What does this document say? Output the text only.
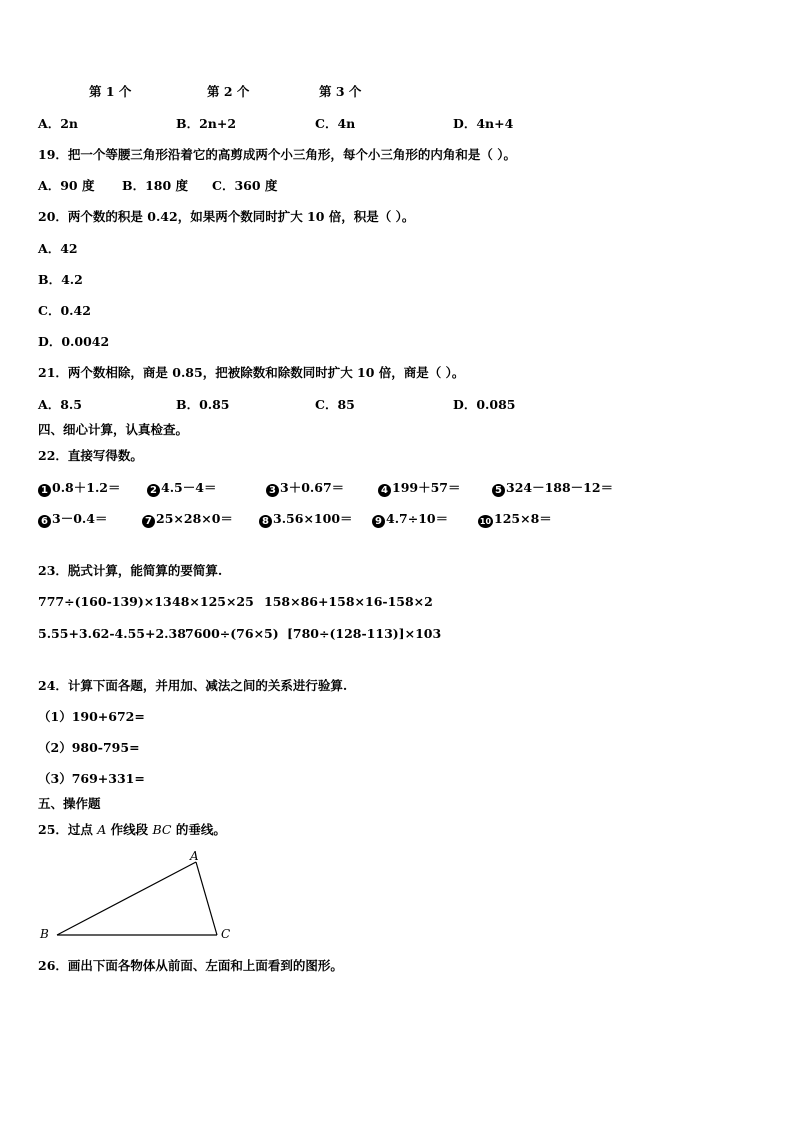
第 1 个	第 2 个	第 3 个
A．2n	B．2n+2	C．4n	D．4n+4
19．把一个等腰三角形沿着它的高剪成两个小三角形，每个小三角形的内角和是（ ）。
A．90 度 B．180 度 C．360 度
20．两个数的积是 0.42，如果两个数同时扩大 10 倍，积是（ ）。
A．42
B．4.2
C．0.42
D．0.0042
21．两个数相除，商是 0.85，把被除数和除数同时扩大 10 倍，商是（ ）。
A．8.5	B．0.85	C．85	D．0.085
四、细心计算，认真检查。
22．直接写得数。
1 0.8＋1.2＝	2 4.5－4＝	3 3＋0.67＝	4 199＋57＝	5 324－188－12＝
6 3－0.4＝	7 25×28×0＝	8 3.56×100＝	9 4.7÷10＝	10 125×8＝
23．脱式计算，能简算的要简算.
777÷(160-139)×13 48×125×25 158×86+158×16-158×2
5.55+3.62-4.55+2.38 7600÷(76×5) [780÷(128-113)]×103
24．计算下面各题，并用加、减法之间的关系进行验算.
（1）190+672=
（2）980-795=
（3）769+331=
五、操作题
25．过点 A 作线段 BC 的垂线。
A
B	C
26．画出下面各物体从前面、左面和上面看到的图形。
